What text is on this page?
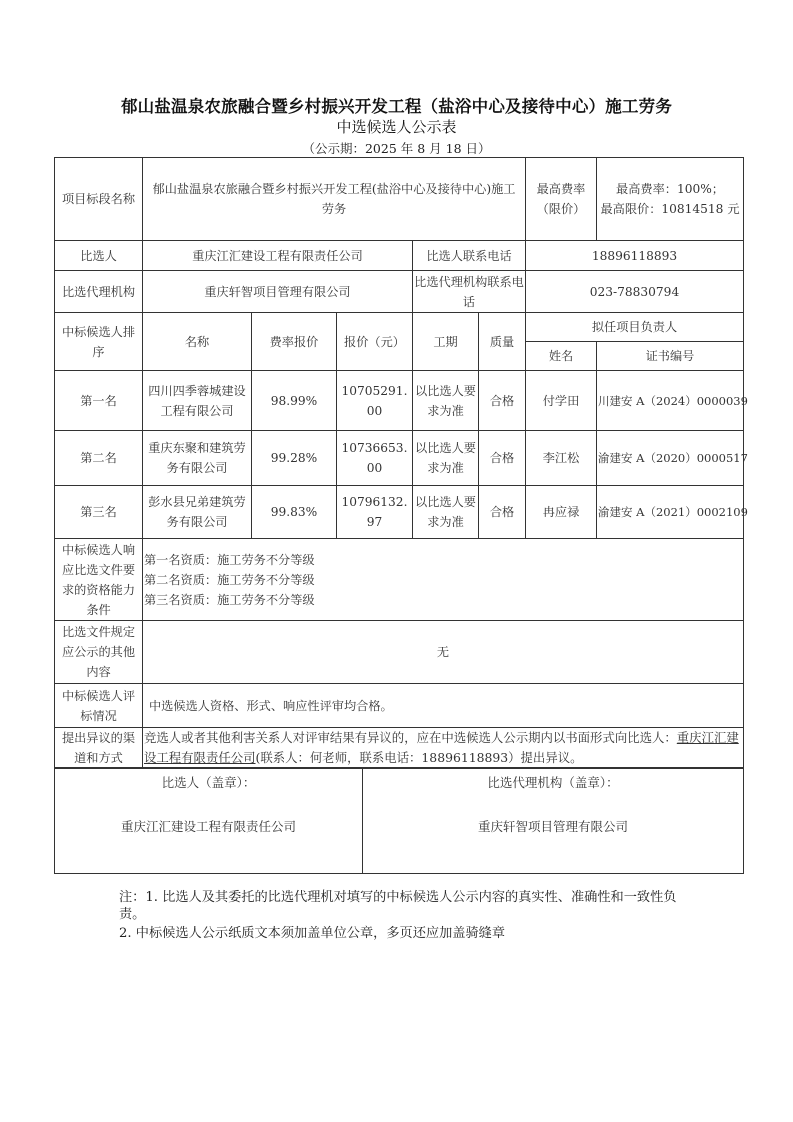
郁山盐温泉农旅融合暨乡村振兴开发工程（盐浴中心及接待中心）施工劳务
中选候选人公示表
（公示期：2025 年 8 月 18 日）
项目标段名称	郁山盐温泉农旅融合暨乡村振兴开发工程(盐浴中心及接待中心)施工劳务					最高费率（限价）	最高费率：100%；
最高限价：10814518 元

比选人	重庆江汇建设工程有限责任公司			比选人联系电话		18896118893	
比选代理机构	重庆轩智项目管理有限公司			比选代理机构联系电话		023-78830794	
中标候选人排序	名称	费率报价	报价（元）	工期	质量	拟任项目负责人	
						姓名	证书编号
第一名	四川四季蓉城建设工程有限公司	98.99%	10705291.00	以比选人要求为准	合格	付学田	川建安 A（2024）0000039
第二名	重庆东聚和建筑劳务有限公司	99.28%	10736653.00	以比选人要求为准	合格	李江松	渝建安 A（2020）0000517
第三名	彭水县兄弟建筑劳务有限公司	99.83%	10796132.97	以比选人要求为准	合格	冉应禄	渝建安 A（2021）0002109
中标候选人响应比选文件要求的资格能力条件	第一名资质：施工劳务不分等级
第二名资质：施工劳务不分等级
第三名资质：施工劳务不分等级						

比选文件规定应公示的其他内容	无						
中标候选人评标情况	中选候选人资格、形式、响应性评审均合格。						
提出异议的渠道和方式	竞选人或者其他利害关系人对评审结果有异议的，应在中选候选人公示期内以书面形式向比选人：重庆江汇建设工程有限责任公司(联系人：何老师，联系电话：18896118893）提出异议。						
比选人（盖章）：
重庆江汇建设工程有限责任公司

比选代理机构（盖章）：
重庆轩智项目管理有限公司
注：1. 比选人及其委托的比选代理机对填写的中标候选人公示内容的真实性、准确性和一致性负责。
2. 中标候选人公示纸质文本须加盖单位公章，多页还应加盖骑缝章
